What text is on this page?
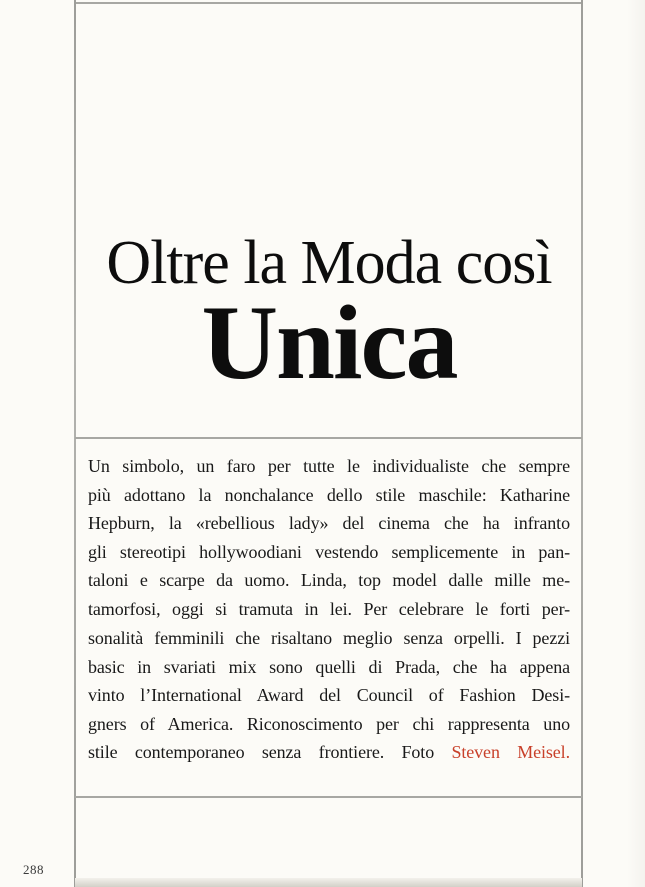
Oltre la Moda così
Unica
Un simbolo, un faro per tutte le individualiste che sempre
più adottano la nonchalance dello stile maschile: Katharine
Hepburn, la «rebellious lady» del cinema che ha infranto
gli stereotipi hollywoodiani vestendo semplicemente in pan-
taloni e scarpe da uomo. Linda, top model dalle mille me-
tamorfosi, oggi si tramuta in lei. Per celebrare le forti per-
sonalità femminili che risaltano meglio senza orpelli. I pezzi
basic in svariati mix sono quelli di Prada, che ha appena
vinto l’International Award del Council of Fashion Desi-
gners of America. Riconoscimento per chi rappresenta uno
stile contemporaneo senza frontiere. Foto Steven Meisel.
288
